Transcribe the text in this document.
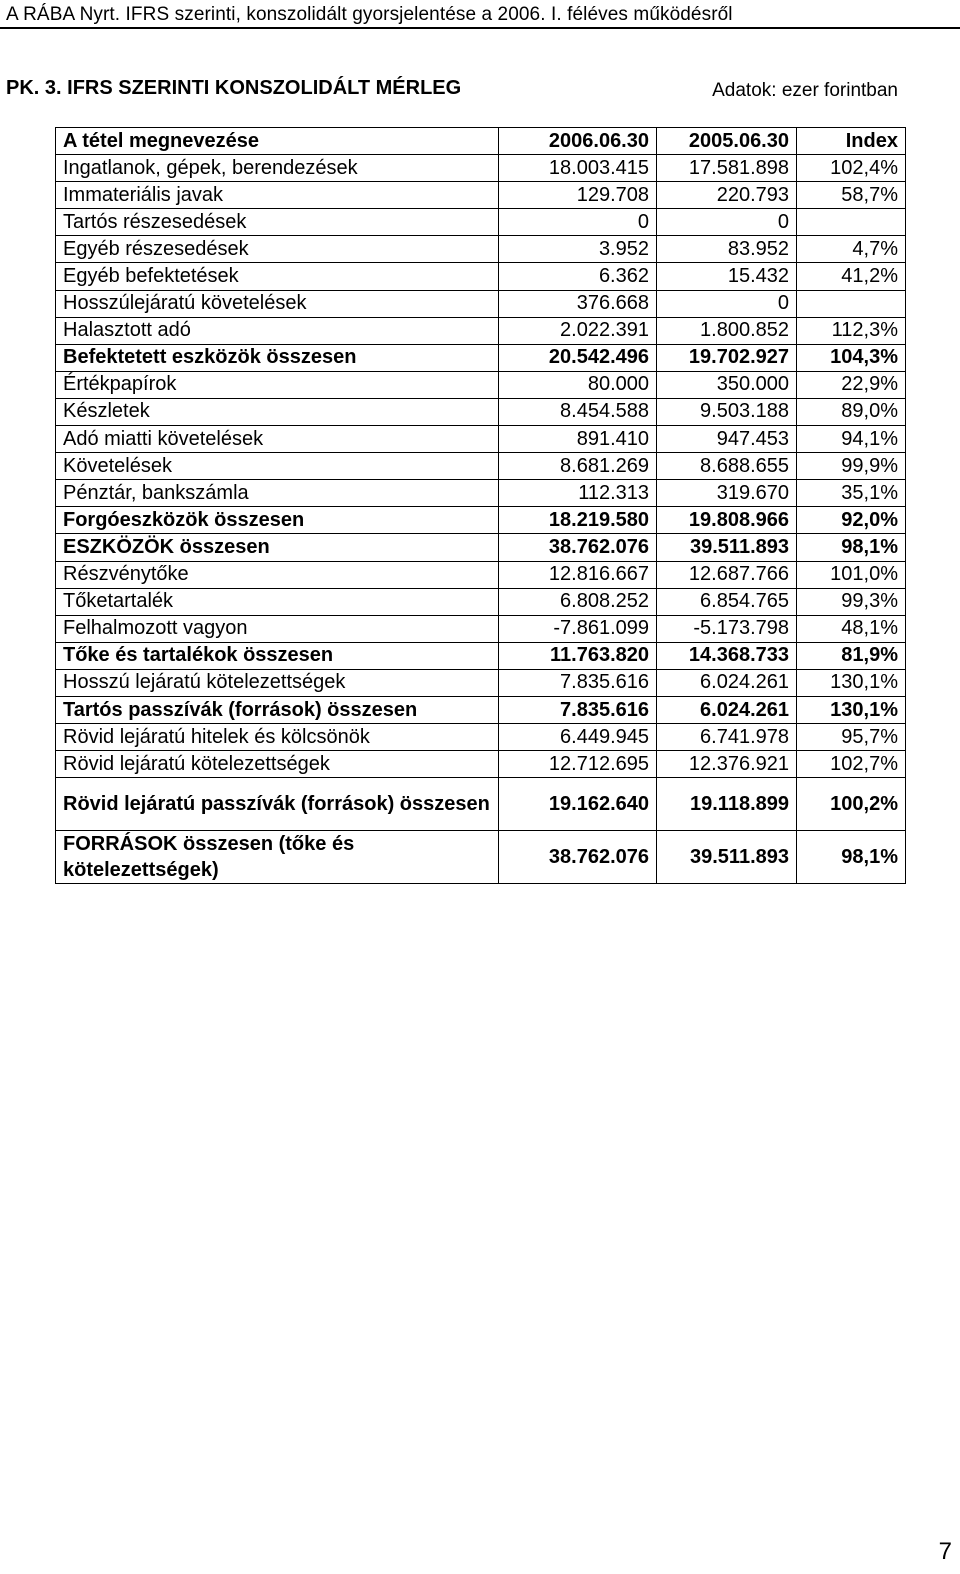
A RÁBA Nyrt. IFRS szerinti, konszolidált gyorsjelentése a 2006. I. féléves működésről
PK. 3. IFRS SZERINTI KONSZOLIDÁLT MÉRLEG	Adatok: ezer forintban
A tétel megnevezése	2006.06.30	2005.06.30	Index
Ingatlanok, gépek, berendezések	18.003.415	17.581.898	102,4%
Immateriális javak	129.708	220.793	58,7%
Tartós részesedések	0	0	
Egyéb részesedések	3.952	83.952	4,7%
Egyéb befektetések	6.362	15.432	41,2%
Hosszúlejáratú követelések	376.668	0	
Halasztott adó	2.022.391	1.800.852	112,3%
Befektetett eszközök összesen	20.542.496	19.702.927	104,3%
Értékpapírok	80.000	350.000	22,9%
Készletek	8.454.588	9.503.188	89,0%
Adó miatti követelések	891.410	947.453	94,1%
Követelések	8.681.269	8.688.655	99,9%
Pénztár, bankszámla	112.313	319.670	35,1%
Forgóeszközök összesen	18.219.580	19.808.966	92,0%
ESZKÖZÖK összesen	38.762.076	39.511.893	98,1%
Részvénytőke	12.816.667	12.687.766	101,0%
Tőketartalék	6.808.252	6.854.765	99,3%
Felhalmozott vagyon	-7.861.099	-5.173.798	48,1%
Tőke és tartalékok összesen	11.763.820	14.368.733	81,9%
Hosszú lejáratú kötelezettségek	7.835.616	6.024.261	130,1%
Tartós passzívák (források) összesen	7.835.616	6.024.261	130,1%
Rövid lejáratú hitelek és kölcsönök	6.449.945	6.741.978	95,7%
Rövid lejáratú kötelezettségek	12.712.695	12.376.921	102,7%
Rövid lejáratú passzívák (források) összesen	19.162.640	19.118.899	100,2%
FORRÁSOK összesen (tőke és kötelezettségek)	38.762.076	39.511.893	98,1%
7
